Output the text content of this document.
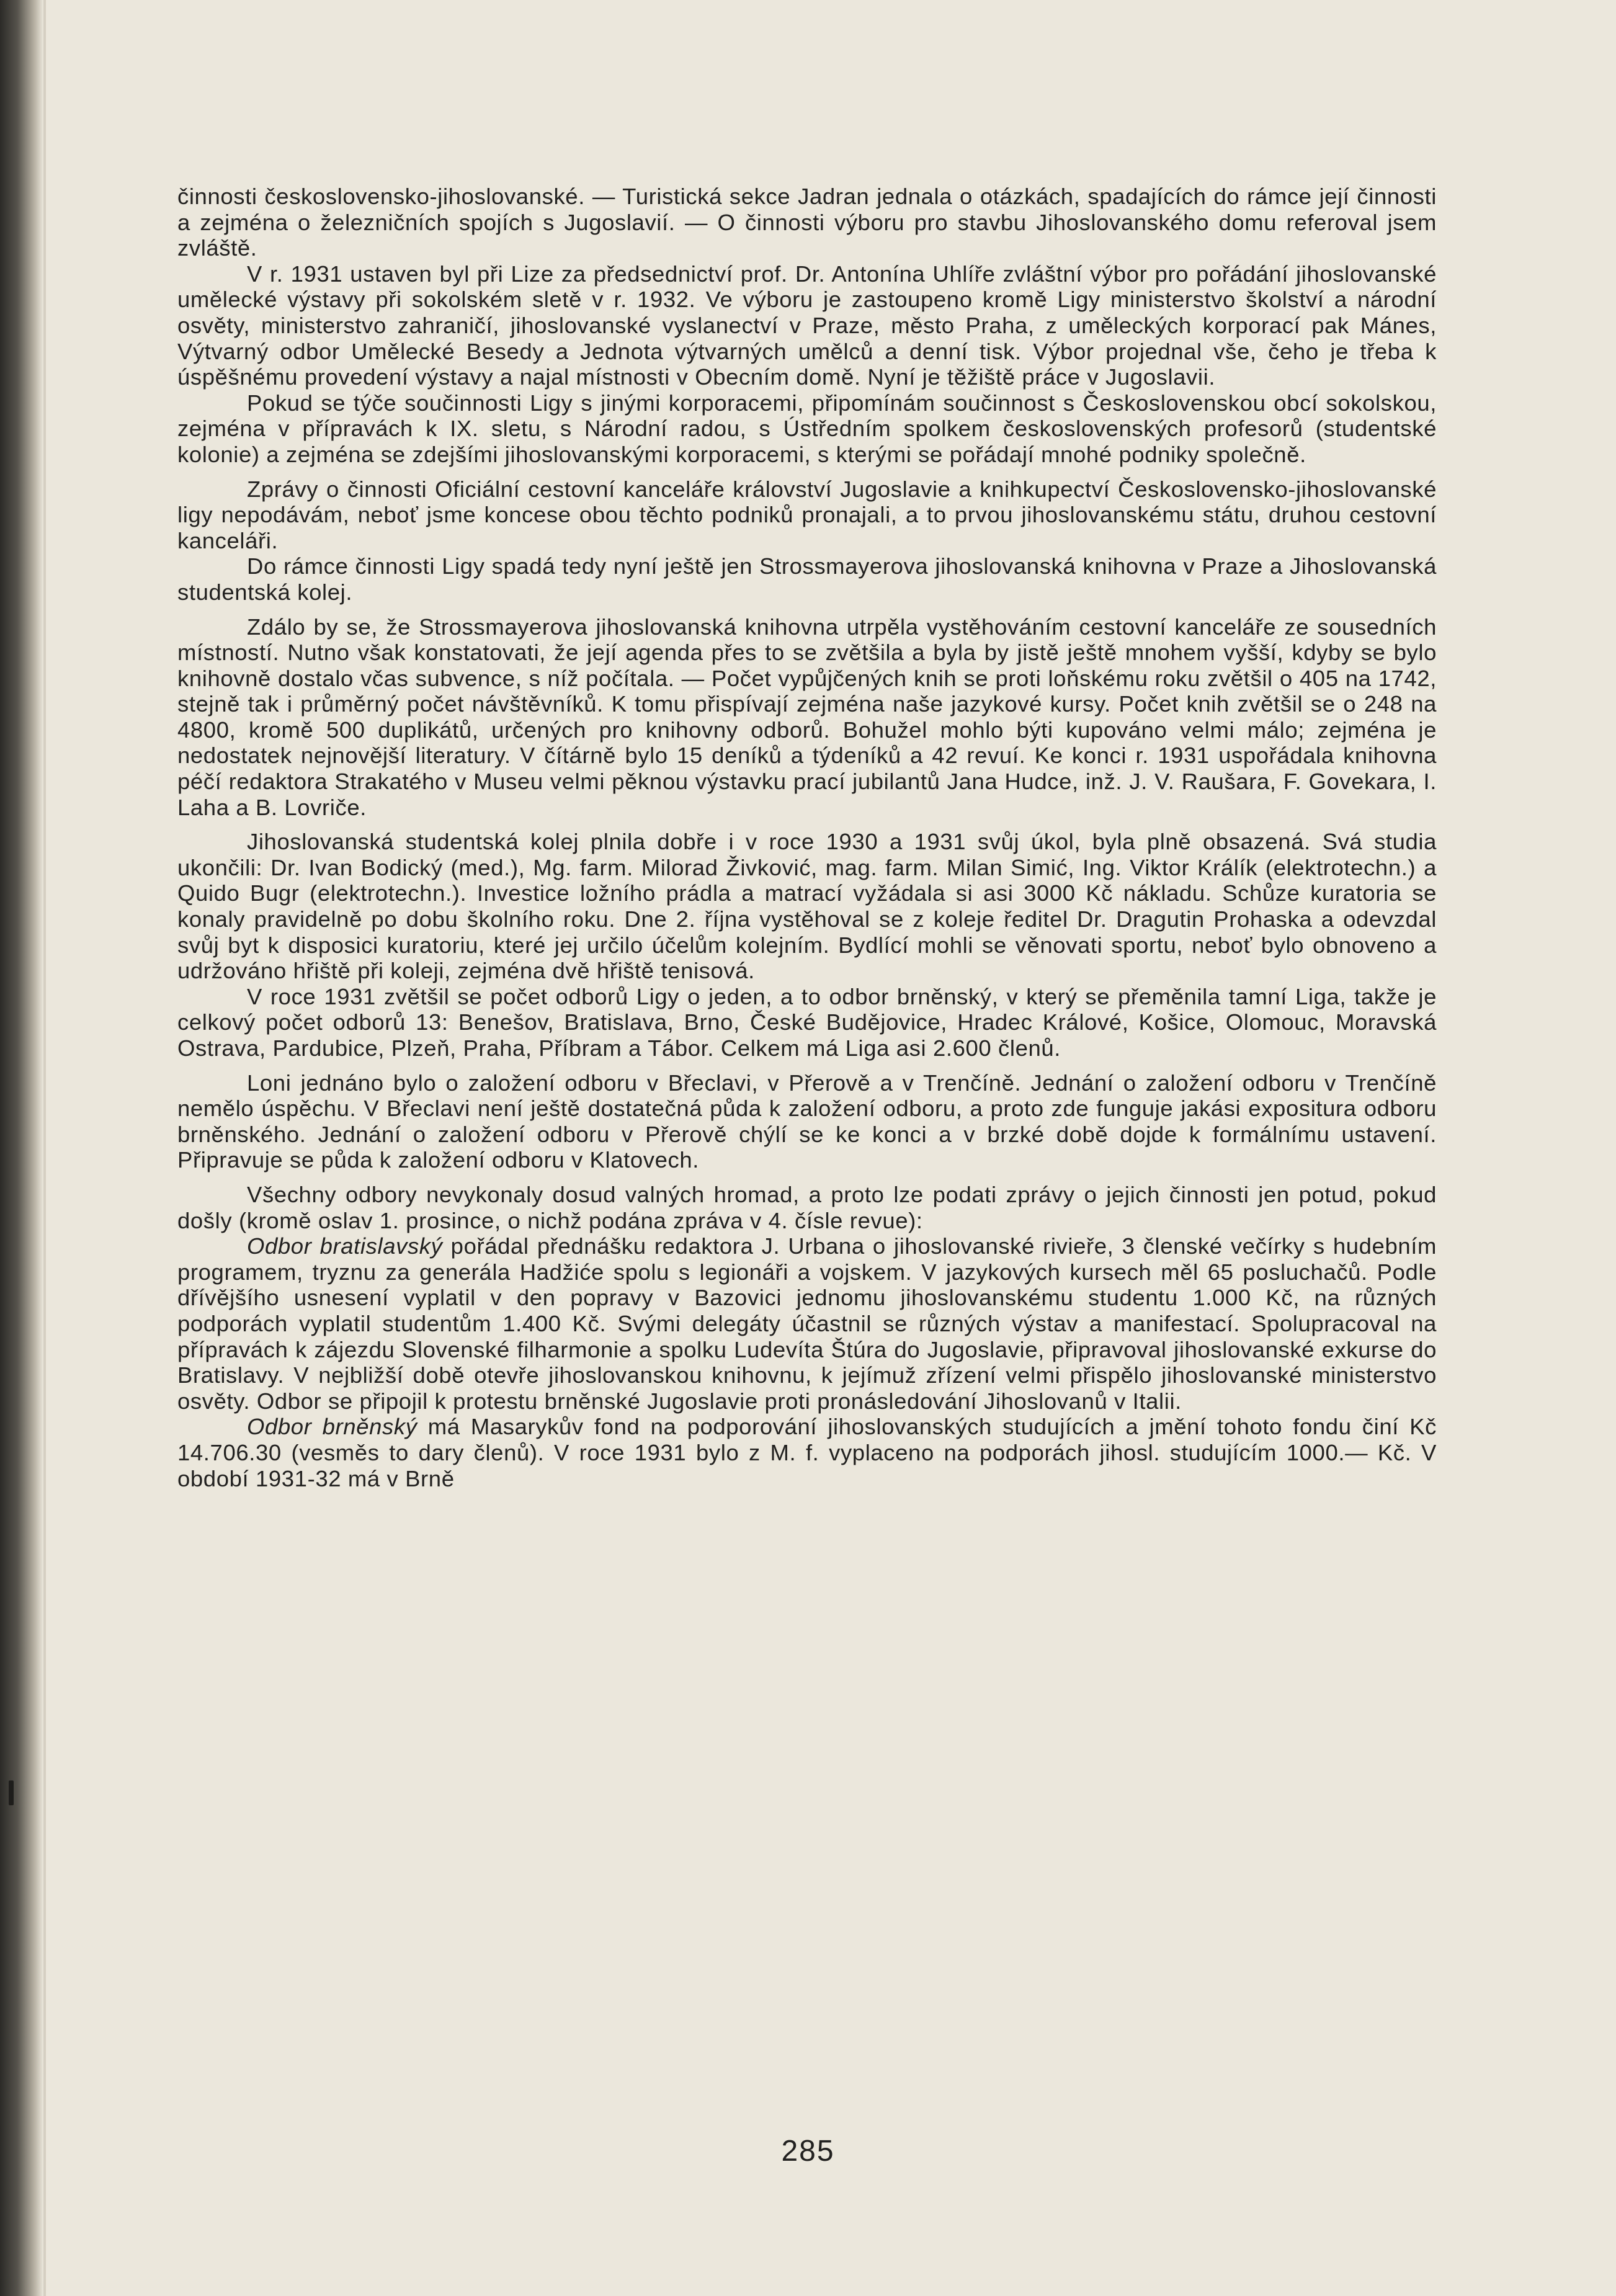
činnosti československo-jihoslovanské. — Turistická sekce Jadran jednala o otázkách, spadajících do rámce její činnosti a zejména o železničních spojích s Jugoslavií. — O činnosti výboru pro stavbu Jihoslovanského domu referoval jsem zvláště.

V r. 1931 ustaven byl při Lize za předsednictví prof. Dr. Antonína Uhlíře zvláštní výbor pro pořádání jihoslovanské umělecké výstavy při sokolském sletě v r. 1932. Ve výboru je zastoupeno kromě Ligy ministerstvo školství a národní osvěty, ministerstvo zahraničí, jihoslovanské vyslanectví v Praze, město Praha, z uměleckých korporací pak Mánes, Výtvarný odbor Umělecké Besedy a Jednota výtvarných umělců a denní tisk. Výbor projednal vše, čeho je třeba k úspěšnému provedení výstavy a najal místnosti v Obecním domě. Nyní je těžiště práce v Jugoslavii.

Pokud se týče součinnosti Ligy s jinými korporacemi, připomínám součinnost s Československou obcí sokolskou, zejména v přípravách k IX. sletu, s Národní radou, s Ústředním spolkem československých profesorů (studentské kolonie) a zejména se zdejšími jihoslovanskými korporacemi, s kterými se pořádají mnohé podniky společně.

Zprávy o činnosti Oficiální cestovní kanceláře království Jugoslavie a knihkupectví Československo-jihoslovanské ligy nepodávám, neboť jsme koncese obou těchto podniků pronajali, a to prvou jihoslovanskému státu, druhou cestovní kanceláři.

Do rámce činnosti Ligy spadá tedy nyní ještě jen Strossmayerova jihoslovanská knihovna v Praze a Jihoslovanská studentská kolej.

Zdálo by se, že Strossmayerova jihoslovanská knihovna utrpěla vystěhováním cestovní kanceláře ze sousedních místností. Nutno však konstatovati, že její agenda přes to se zvětšila a byla by jistě ještě mnohem vyšší, kdyby se bylo knihovně dostalo včas subvence, s níž počítala. — Počet vypůjčených knih se proti loňskému roku zvětšil o 405 na 1742, stejně tak i průměrný počet návštěvníků. K tomu přispívají zejména naše jazykové kursy. Počet knih zvětšil se o 248 na 4800, kromě 500 duplikátů, určených pro knihovny odborů. Bohužel mohlo býti kupováno velmi málo; zejména je nedostatek nejnovější literatury. V čítárně bylo 15 deníků a týdeníků a 42 revuí. Ke konci r. 1931 uspořádala knihovna péčí redaktora Strakatého v Museu velmi pěknou výstavku prací jubilantů Jana Hudce, inž. J. V. Raušara, F. Govekara, I. Laha a B. Lovriče.

Jihoslovanská studentská kolej plnila dobře i v roce 1930 a 1931 svůj úkol, byla plně obsazená. Svá studia ukončili: Dr. Ivan Bodický (med.), Mg. farm. Milorad Živković, mag. farm. Milan Simić, Ing. Viktor Králík (elektrotechn.) a Quido Bugr (elektrotechn.). Investice ložního prádla a matrací vyžádala si asi 3000 Kč nákladu. Schůze kuratoria se konaly pravidelně po dobu školního roku. Dne 2. října vystěhoval se z koleje ředitel Dr. Dragutin Prohaska a odevzdal svůj byt k disposici kuratoriu, které jej určilo účelům kolejním. Bydlící mohli se věnovati sportu, neboť bylo obnoveno a udržováno hřiště při koleji, zejména dvě hřiště tenisová.

V roce 1931 zvětšil se počet odborů Ligy o jeden, a to odbor brněnský, v který se přeměnila tamní Liga, takže je celkový počet odborů 13: Benešov, Bratislava, Brno, České Budějovice, Hradec Králové, Košice, Olomouc, Moravská Ostrava, Pardubice, Plzeň, Praha, Příbram a Tábor. Celkem má Liga asi 2.600 členů.

Loni jednáno bylo o založení odboru v Břeclavi, v Přerově a v Trenčíně. Jednání o založení odboru v Trenčíně nemělo úspěchu. V Břeclavi není ještě dostatečná půda k založení odboru, a proto zde funguje jakási expositura odboru brněnského. Jednání o založení odboru v Přerově chýlí se ke konci a v brzké době dojde k formálnímu ustavení. Připravuje se půda k založení odboru v Klatovech.

Všechny odbory nevykonaly dosud valných hromad, a proto lze podati zprávy o jejich činnosti jen potud, pokud došly (kromě oslav 1. prosince, o nichž podána zpráva v 4. čísle revue):

Odbor bratislavský pořádal přednášku redaktora J. Urbana o jihoslovanské rivieře, 3 členské večírky s hudebním programem, tryznu za generála Hadžiće spolu s legionáři a vojskem. V jazykových kursech měl 65 posluchačů. Podle dřívějšího usnesení vyplatil v den popravy v Bazovici jednomu jihoslovanskému studentu 1.000 Kč, na různých podporách vyplatil studentům 1.400 Kč. Svými delegáty účastnil se různých výstav a manifestací. Spolupracoval na přípravách k zájezdu Slovenské filharmonie a spolku Ludevíta Štúra do Jugoslavie, připravoval jihoslovanské exkurse do Bratislavy. V nejbližší době otevře jihoslovanskou knihovnu, k jejímuž zřízení velmi přispělo jihoslovanské ministerstvo osvěty. Odbor se připojil k protestu brněnské Jugoslavie proti pronásledování Jihoslovanů v Italii.

Odbor brněnský má Masarykův fond na podporování jihoslovanských studujících a jmění tohoto fondu činí Kč 14.706.30 (vesměs to dary členů). V roce 1931 bylo z M. f. vyplaceno na podporách jihosl. studujícím 1000.— Kč. V období 1931-32 má v Brně

285
